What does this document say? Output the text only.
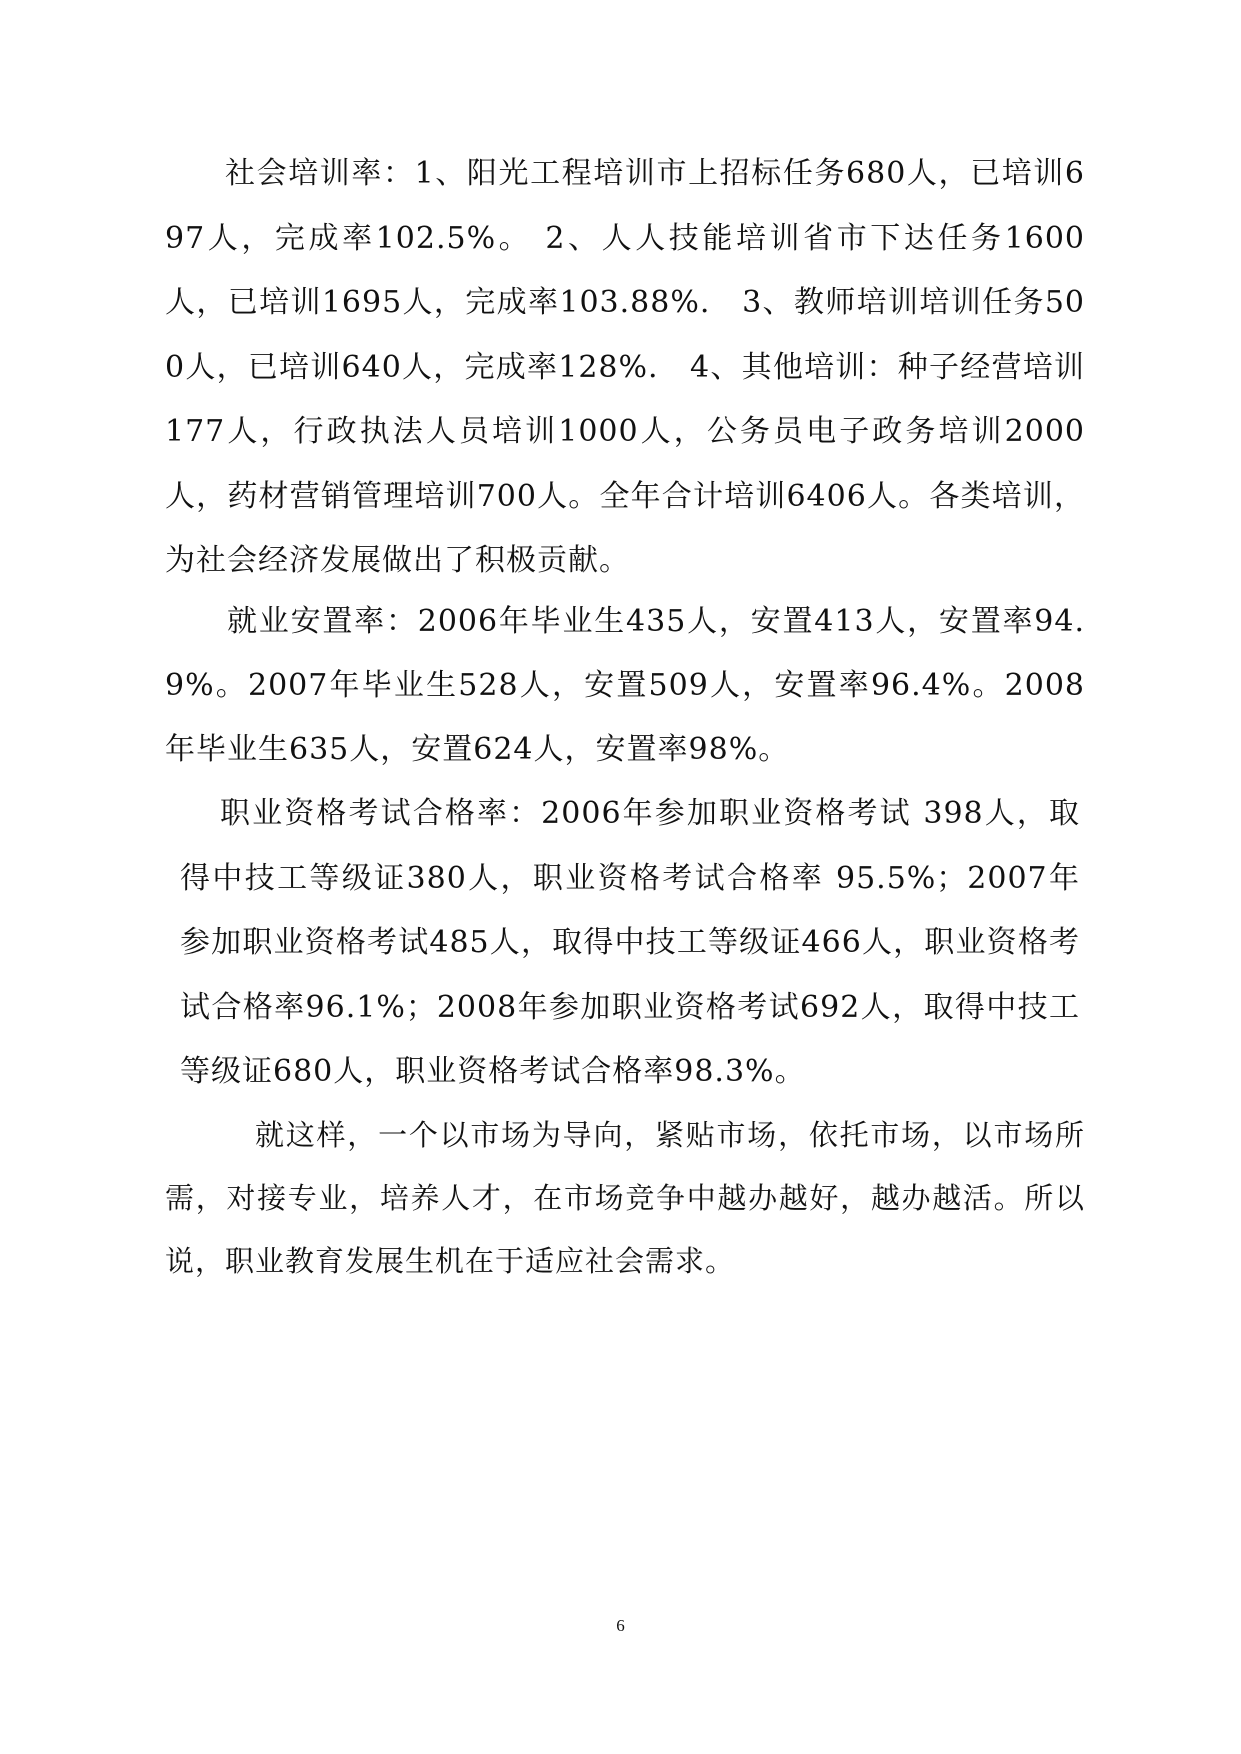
社会培训率：1、阳光工程培训市上招标任务680人，已培训697人，完成率102.5%。 2、人人技能培训省市下达任务1600人，已培训1695人，完成率103.88%.　3、教师培训培训任务500人，已培训640人，完成率128%.　4、其他培训：种子经营培训177人，行政执法人员培训1000人，公务员电子政务培训2000人，药材营销管理培训700人。全年合计培训6406人。各类培训，为社会经济发展做出了积极贡献。

就业安置率：2006年毕业生435人，安置413人，安置率94.9%。2007年毕业生528人，安置509人，安置率96.4%。2008年毕业生635人，安置624人，安置率98%。

职业资格考试合格率：2006年参加职业资格考试 398人，取得中技工等级证380人，职业资格考试合格率 95.5%；2007年参加职业资格考试485人，取得中技工等级证466人，职业资格考试合格率96.1%；2008年参加职业资格考试692人，取得中技工等级证680人，职业资格考试合格率98.3%。

就这样，一个以市场为导向，紧贴市场，依托市场，以市场所需，对接专业，培养人才，在市场竞争中越办越好，越办越活。所以说，职业教育发展生机在于适应社会需求。

6
